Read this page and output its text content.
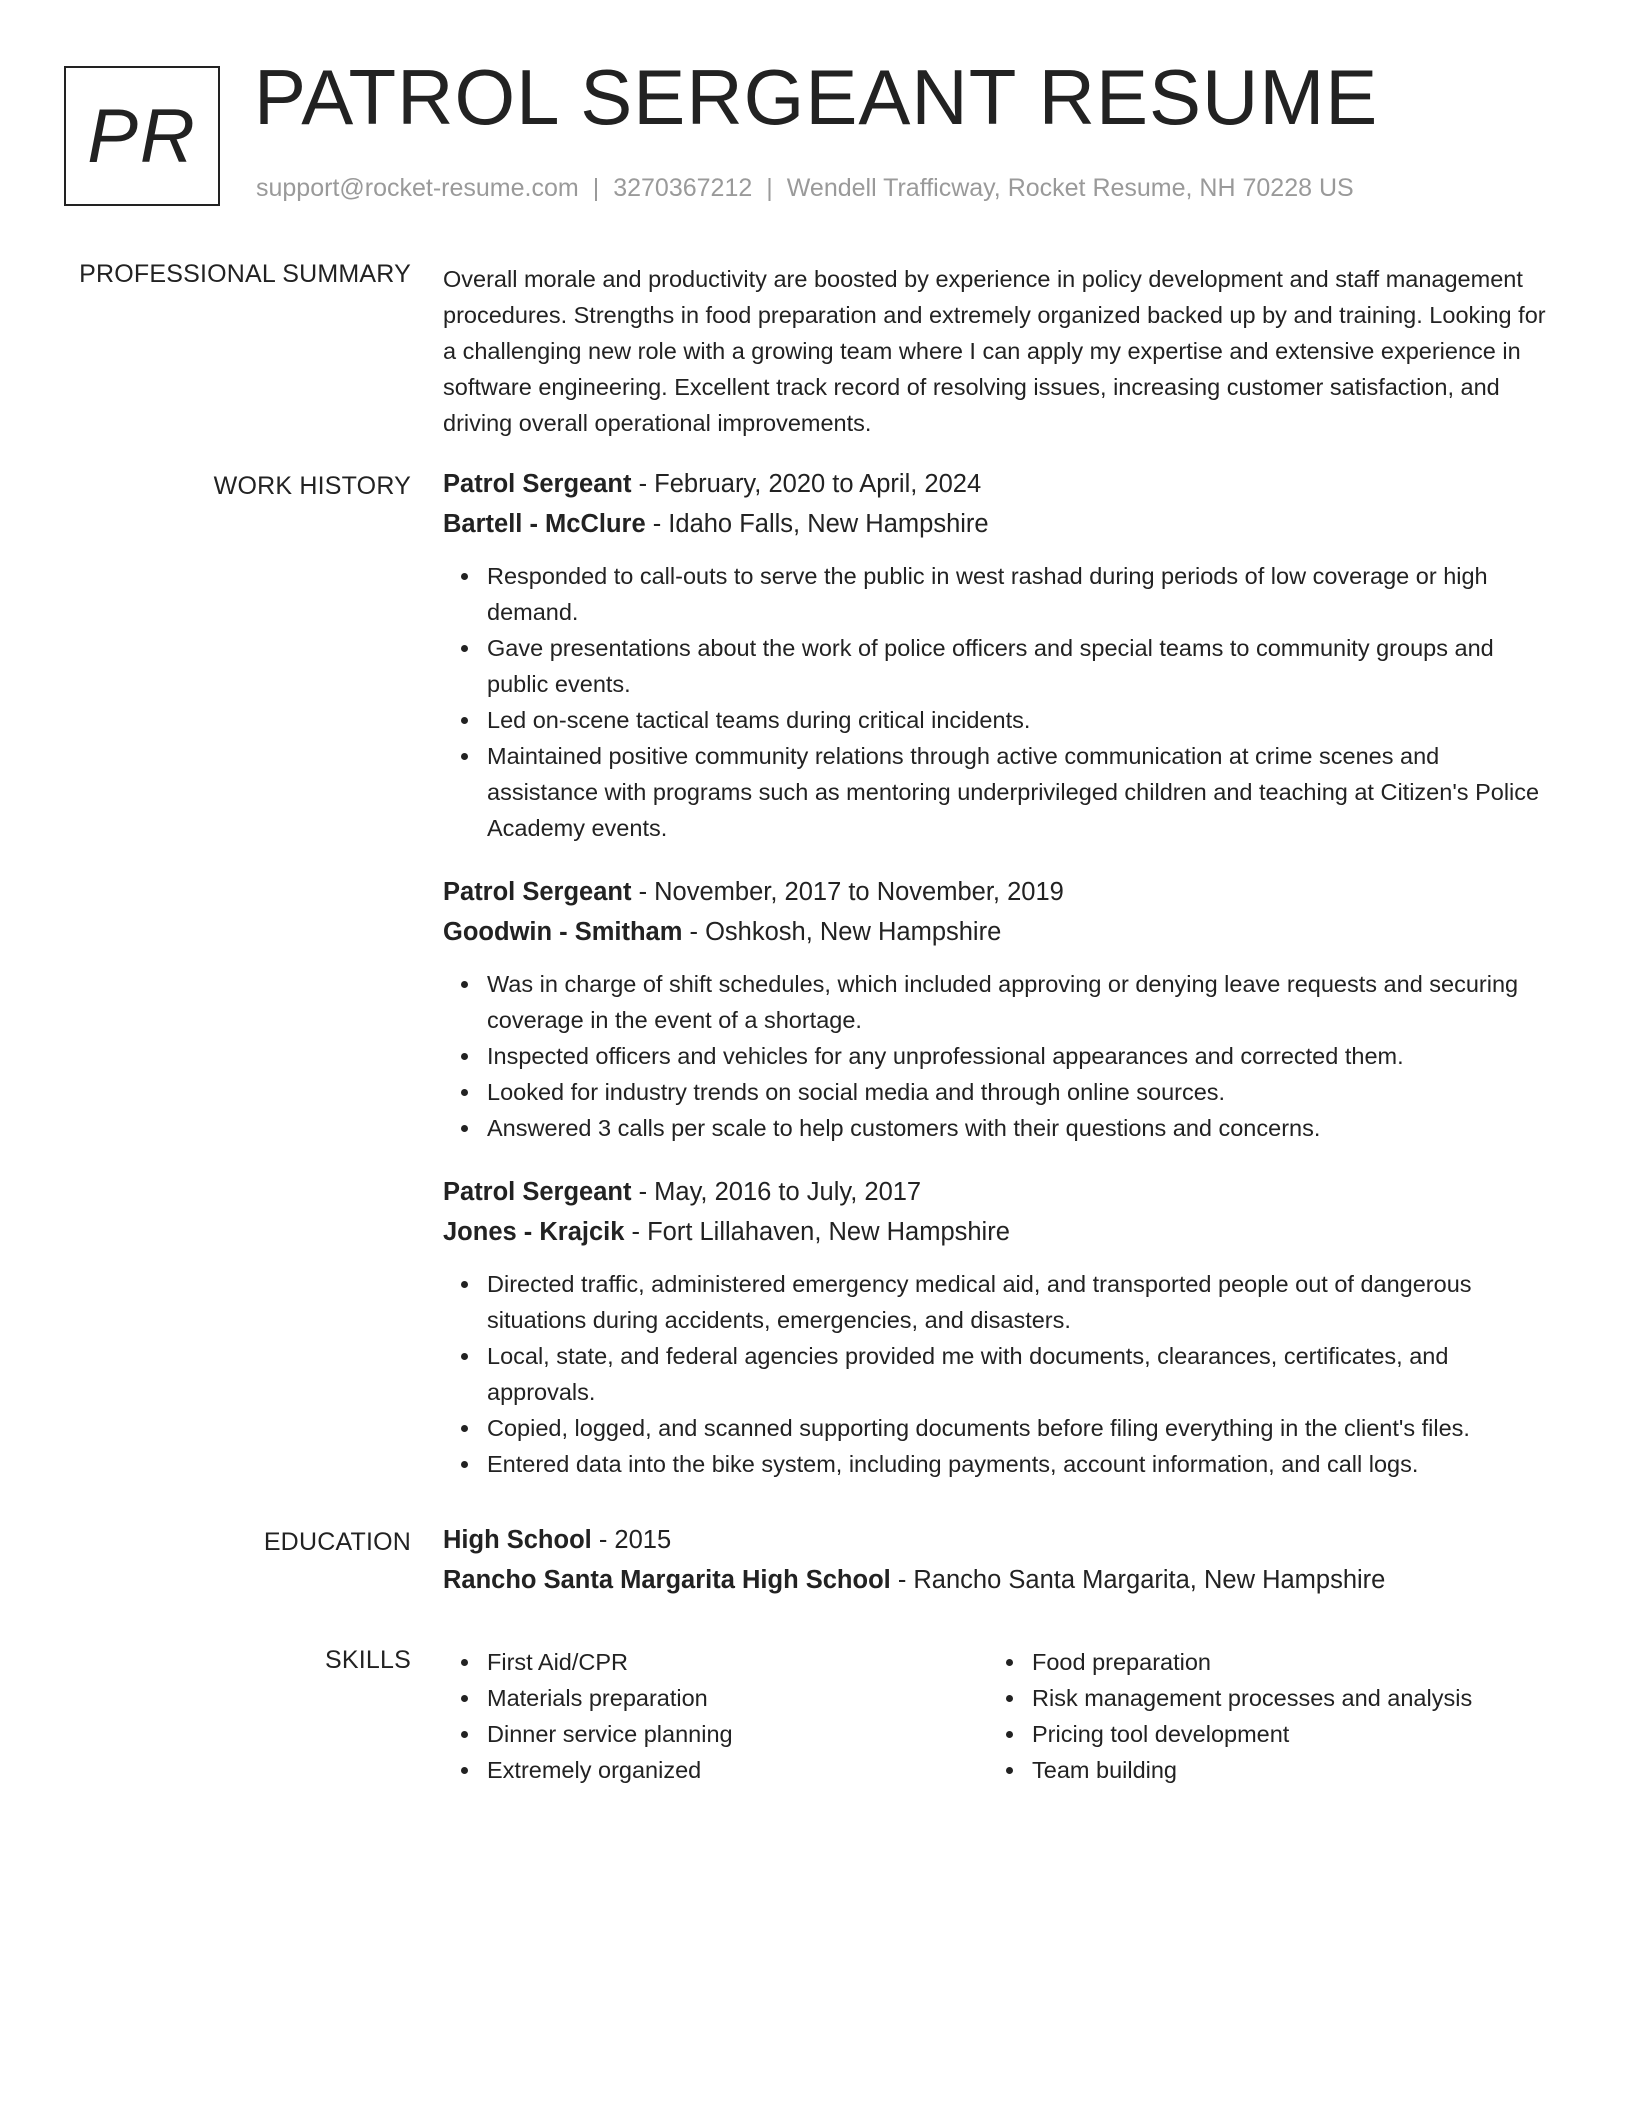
PR PATROL SERGEANT RESUME
support@rocket-resume.com | 3270367212 | Wendell Trafficway, Rocket Resume, NH 70228 US
PROFESSIONAL SUMMARY Overall morale and productivity are boosted by experience in policy development and staff management procedures. Strengths in food preparation and extremely organized backed up by and training. Looking for a challenging new role with a growing team where I can apply my expertise and extensive experience in software engineering. Excellent track record of resolving issues, increasing customer satisfaction, and driving overall operational improvements.

WORK HISTORY Patrol Sergeant - February, 2020 to April, 2024
Bartell - McClure - Idaho Falls, New Hampshire
Responded to call-outs to serve the public in west rashad during periods of low coverage or high demand.
Gave presentations about the work of police officers and special teams to community groups and public events.
Led on-scene tactical teams during critical incidents.
Maintained positive community relations through active communication at crime scenes and assistance with programs such as mentoring underprivileged children and teaching at Citizen's Police Academy events.
Patrol Sergeant - November, 2017 to November, 2019
Goodwin - Smitham - Oshkosh, New Hampshire
Was in charge of shift schedules, which included approving or denying leave requests and securing coverage in the event of a shortage.
Inspected officers and vehicles for any unprofessional appearances and corrected them.
Looked for industry trends on social media and through online sources.
Answered 3 calls per scale to help customers with their questions and concerns.
Patrol Sergeant - May, 2016 to July, 2017
Jones - Krajcik - Fort Lillahaven, New Hampshire
Directed traffic, administered emergency medical aid, and transported people out of dangerous situations during accidents, emergencies, and disasters.
Local, state, and federal agencies provided me with documents, clearances, certificates, and approvals.
Copied, logged, and scanned supporting documents before filing everything in the client's files.
Entered data into the bike system, including payments, account information, and call logs.
EDUCATION High School - 2015
Rancho Santa Margarita High School - Rancho Santa Margarita, New Hampshire
SKILLS	First Aid/CPR
Materials preparation
Dinner service planning
Extremely organized
Food preparation
Risk management processes and analysis
Pricing tool development
Team building
